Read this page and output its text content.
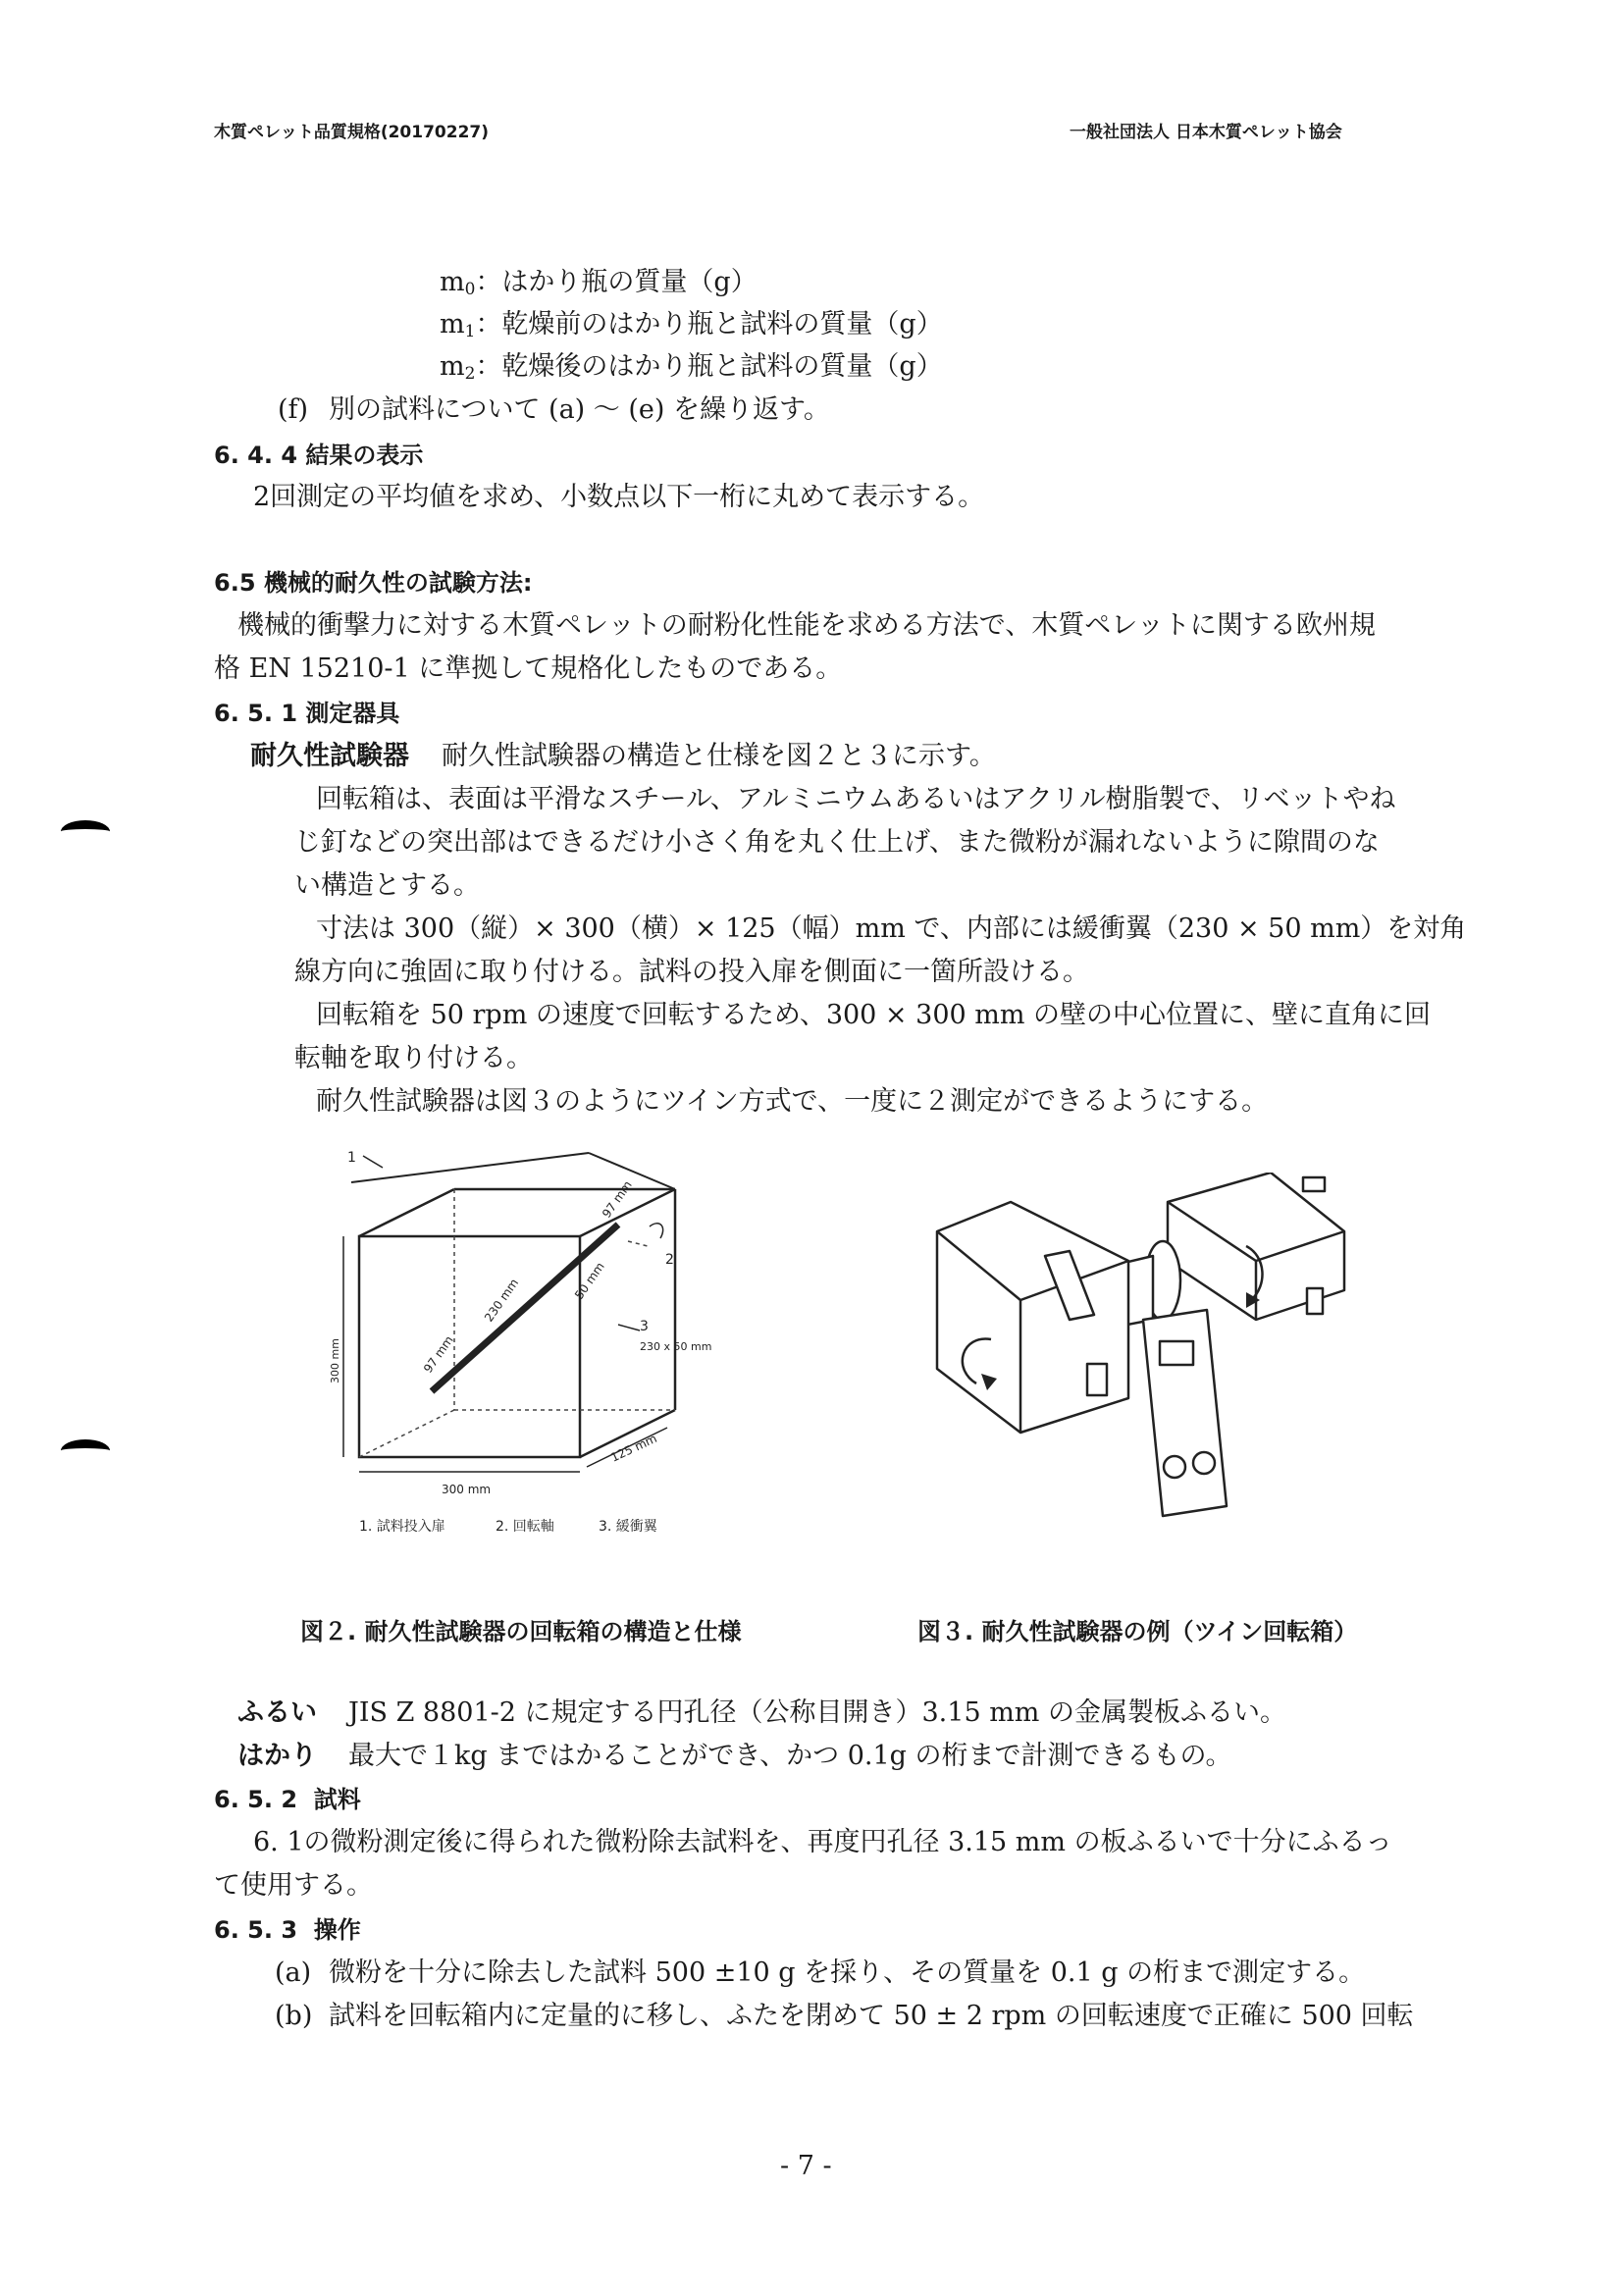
木質ペレット品質規格(20170227)	一般社団法人 日本木質ペレット協会
$m_0$：はかり瓶の質量（g）
$m_1$：乾燥前のはかり瓶と試料の質量（g）
$m_2$：乾燥後のはかり瓶と試料の質量（g）
(f) 別の試料について (a) 〜 (e) を繰り返す。
6. 4. 4 結果の表示
2回測定の平均値を求め、小数点以下一桁に丸めて表示する。
6.5 機械的耐久性の試験方法:
機械的衝撃力に対する木質ペレットの耐粉化性能を求める方法で、木質ペレットに関する欧州規
格 EN 15210-1 に準拠して規格化したものである。
6. 5. 1 測定器具
耐久性試験器 耐久性試験器の構造と仕様を図２と３に示す。
回転箱は、表面は平滑なスチール、アルミニウムあるいはアクリル樹脂製で、リベットやね
じ釘などの突出部はできるだけ小さく角を丸く仕上げ、また微粉が漏れないように隙間のな
い構造とする。
寸法は 300（縦）× 300（横）× 125（幅）mm で、内部には緩衝翼（230 × 50 mm）を対角
線方向に強固に取り付ける。試料の投入扉を側面に一箇所設ける。
回転箱を 50 rpm の速度で回転するため、300 × 300 mm の壁の中心位置に、壁に直角に回
転軸を取り付ける。
耐久性試験器は図３のようにツイン方式で、一度に２測定ができるようにする。
1
2
3
230 x 50 mm
97 mm
97 mm
230 mm	50 mm
300 mm
300 mm
125 mm
1. 試料投入扉	2. 回転軸	3. 緩衝翼
図２. 耐久性試験器の回転箱の構造と仕様	図３. 耐久性試験器の例（ツイン回転箱）
ふるい JIS Z 8801-2 に規定する円孔径（公称目開き）3.15 mm の金属製板ふるい。
はかり 最大で１kg まではかることができ、かつ 0.1g の桁まで計測できるもの。
6. 5. 2 試料
6. 1の微粉測定後に得られた微粉除去試料を、再度円孔径 3.15 mm の板ふるいで十分にふるっ
て使用する。
6. 5. 3 操作
(a) 微粉を十分に除去した試料 500 ±10 g を採り、その質量を 0.1 g の桁まで測定する。
(b) 試料を回転箱内に定量的に移し、ふたを閉めて 50 ± 2 rpm の回転速度で正確に 500 回転
- 7 -
